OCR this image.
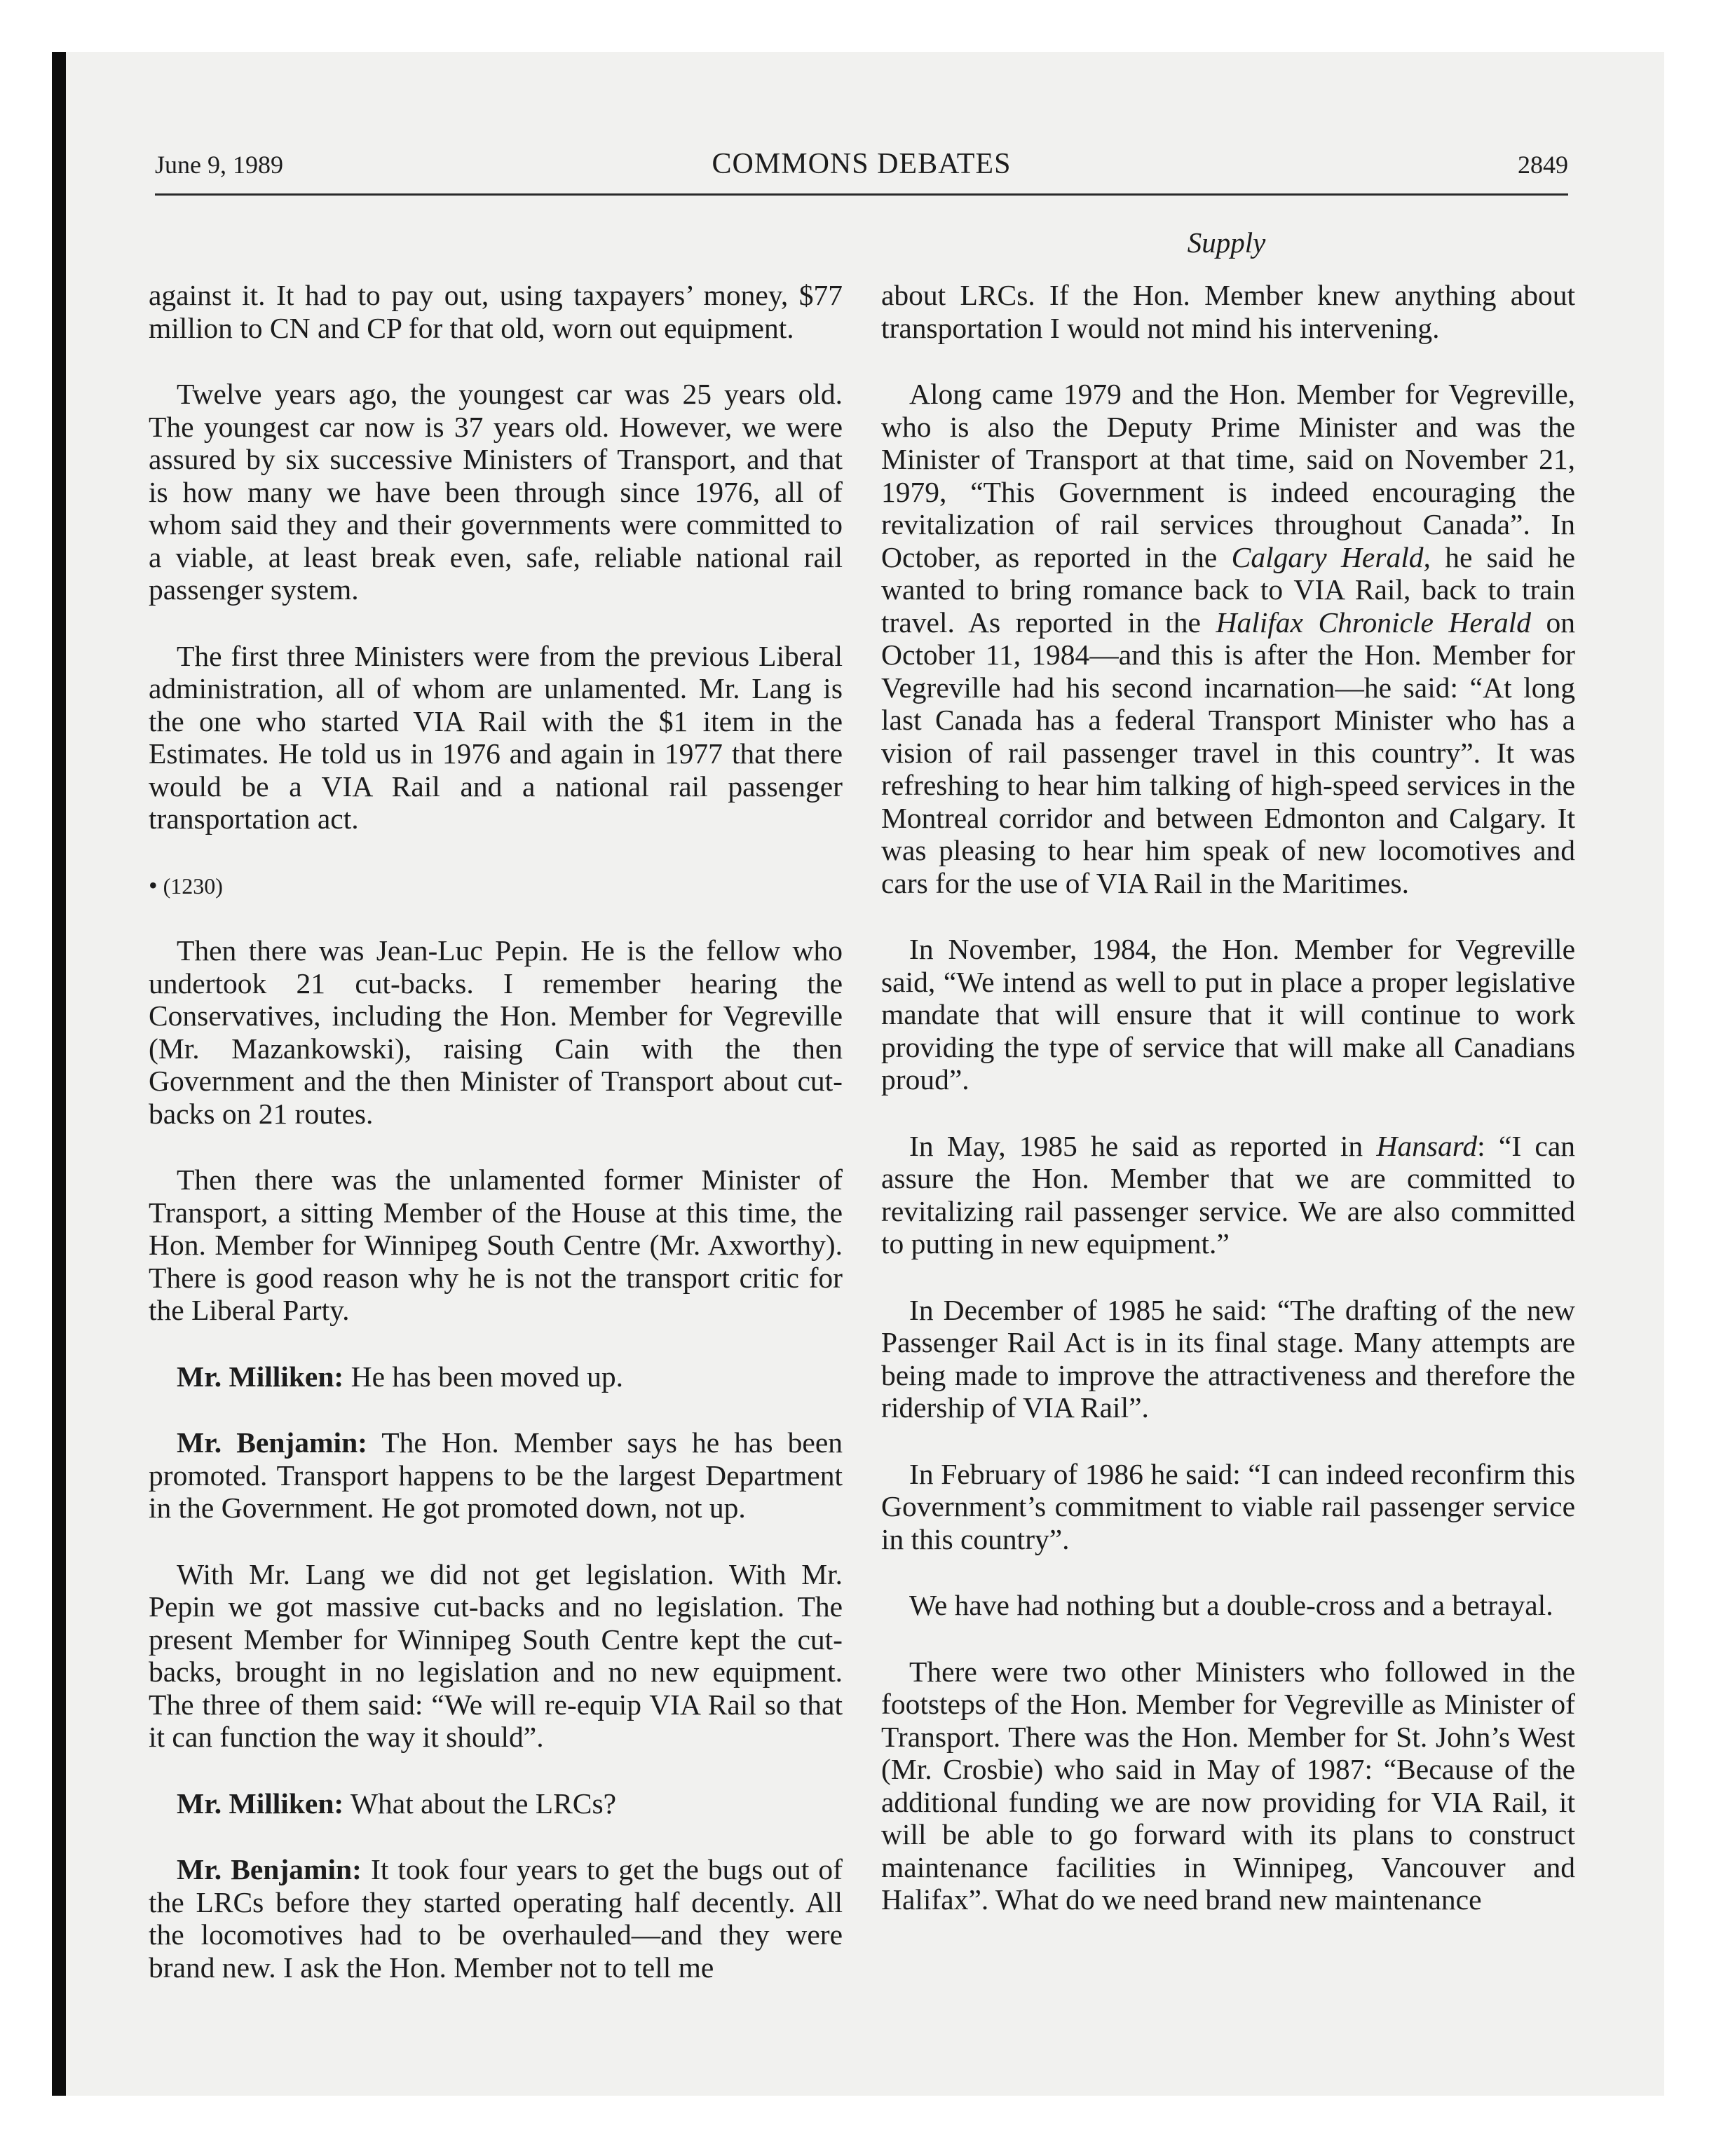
June 9, 1989	COMMONS DEBATES	2849
Supply

against it. It had to pay out, using taxpayers’ money, $77 million to CN and CP for that old, worn out equipment.

Twelve years ago, the youngest car was 25 years old. The youngest car now is 37 years old. However, we were assured by six successive Ministers of Transport, and that is how many we have been through since 1976, all of whom said they and their governments were committed to a viable, at least break even, safe, reliable national rail passenger system.

The first three Ministers were from the previous Liberal administration, all of whom are unlamented. Mr. Lang is the one who started VIA Rail with the $1 item in the Estimates. He told us in 1976 and again in 1977 that there would be a VIA Rail and a national rail passenger transportation act.

• (1230)

Then there was Jean-Luc Pepin. He is the fellow who undertook 21 cut-backs. I remember hearing the Conservatives, including the Hon. Member for Vegreville (Mr. Mazankowski), raising Cain with the then Government and the then Minister of Transport about cut-backs on 21 routes.

Then there was the unlamented former Minister of Transport, a sitting Member of the House at this time, the Hon. Member for Winnipeg South Centre (Mr. Axworthy). There is good reason why he is not the transport critic for the Liberal Party.

Mr. Milliken: He has been moved up.

Mr. Benjamin: The Hon. Member says he has been promoted. Transport happens to be the largest Department in the Government. He got promoted down, not up.

With Mr. Lang we did not get legislation. With Mr. Pepin we got massive cut-backs and no legislation. The present Member for Winnipeg South Centre kept the cut-backs, brought in no legislation and no new equipment. The three of them said: “We will re-equip VIA Rail so that it can function the way it should”.

Mr. Milliken: What about the LRCs?

Mr. Benjamin: It took four years to get the bugs out of the LRCs before they started operating half decently. All the locomotives had to be overhauled—and they were brand new. I ask the Hon. Member not to tell me

about LRCs. If the Hon. Member knew anything about transportation I would not mind his intervening.

Along came 1979 and the Hon. Member for Vegreville, who is also the Deputy Prime Minister and was the Minister of Transport at that time, said on November 21, 1979, “This Government is indeed encouraging the revitalization of rail services throughout Canada”. In October, as reported in the Calgary Herald, he said he wanted to bring romance back to VIA Rail, back to train travel. As reported in the Halifax Chronicle Herald on October 11, 1984—and this is after the Hon. Member for Vegreville had his second incarnation—he said: “At long last Canada has a federal Transport Minister who has a vision of rail passenger travel in this country”. It was refreshing to hear him talking of high-speed services in the Montreal corridor and between Edmonton and Calgary. It was pleasing to hear him speak of new locomotives and cars for the use of VIA Rail in the Maritimes.

In November, 1984, the Hon. Member for Vegreville said, “We intend as well to put in place a proper legislative mandate that will ensure that it will continue to work providing the type of service that will make all Canadians proud”.

In May, 1985 he said as reported in Hansard: “I can assure the Hon. Member that we are committed to revitalizing rail passenger service. We are also committed to putting in new equipment.”

In December of 1985 he said: “The drafting of the new Passenger Rail Act is in its final stage. Many attempts are being made to improve the attractiveness and therefore the ridership of VIA Rail”.

In February of 1986 he said: “I can indeed reconfirm this Government’s commitment to viable rail passenger service in this country”.

We have had nothing but a double-cross and a betrayal.

There were two other Ministers who followed in the footsteps of the Hon. Member for Vegreville as Minister of Transport. There was the Hon. Member for St. John’s West (Mr. Crosbie) who said in May of 1987: “Because of the additional funding we are now providing for VIA Rail, it will be able to go forward with its plans to construct maintenance facilities in Winnipeg, Vancouver and Halifax”. What do we need brand new maintenance
